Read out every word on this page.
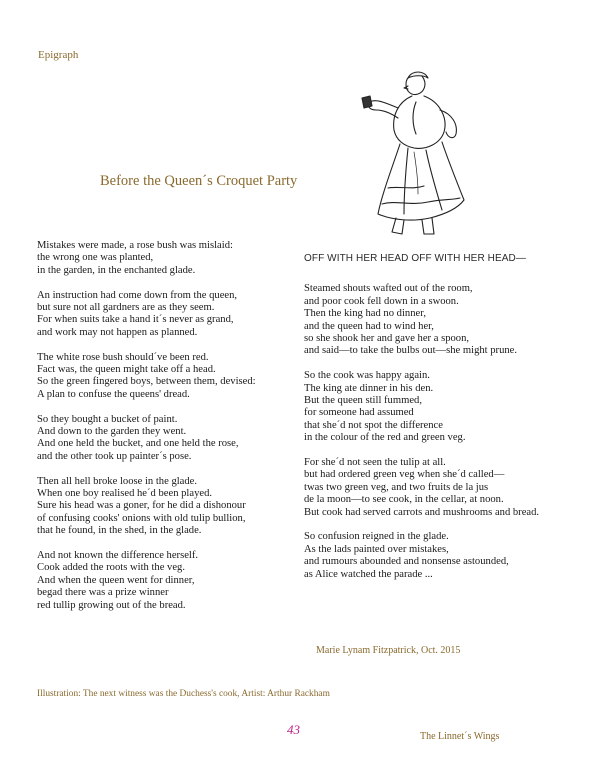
Epigraph
Before the Queen´s Croquet Party
Mistakes were made, a rose bush was mislaid:
the wrong one was planted,
in the garden, in the enchanted glade.
An instruction had come down from the queen,
but sure not all gardners are as they seem.
For when suits take a hand it´s never as grand,
and work may not happen as planned.
The white rose bush should´ve been red.
Fact was, the queen might take off a head.
So the green fingered boys, between them, devised:
A plan to confuse the queens' dread.
So they bought a bucket of paint.
And down to the garden they went.
And one held the bucket, and one held the rose,
and the other took up painter´s pose.
Then all hell broke loose in the glade.
When one boy realised he´d been played.
Sure his head was a goner, for he did a dishonour
of confusing cooks' onions with old tulip bullion,
that he found, in the shed, in the glade.
And not known the difference herself.
Cook added the roots with the veg.
And when the queen went for dinner,
begad there was a prize winner
red tullip growing out of the bread.
OFF WITH HER HEAD OFF WITH HER HEAD—
Steamed shouts wafted out of the room,
and poor cook fell down in a swoon.
Then the king had no dinner,
and the queen had to wind her,
so she shook her and gave her a spoon,
and said—to take the bulbs out—she might prune.
So the cook was happy again.
The king ate dinner in his den.
But the queen still fummed,
for someone had assumed
that she´d not spot the difference
in the colour of the red and green veg.
For she´d not seen the tulip at all.
but had ordered green veg when she´d called—
twas two green veg, and two fruits de la jus
de la moon—to see cook, in the cellar, at noon.
But cook had served carrots and mushrooms and bread.
So confusion reigned in the glade.
As the lads painted over mistakes,
and rumours abounded and nonsense astounded,
as Alice watched the parade ...
Marie Lynam Fitzpatrick, Oct. 2015
Illustration: The next witness was the Duchess's cook, Artist: Arthur Rackham
43	The Linnet´s Wings
